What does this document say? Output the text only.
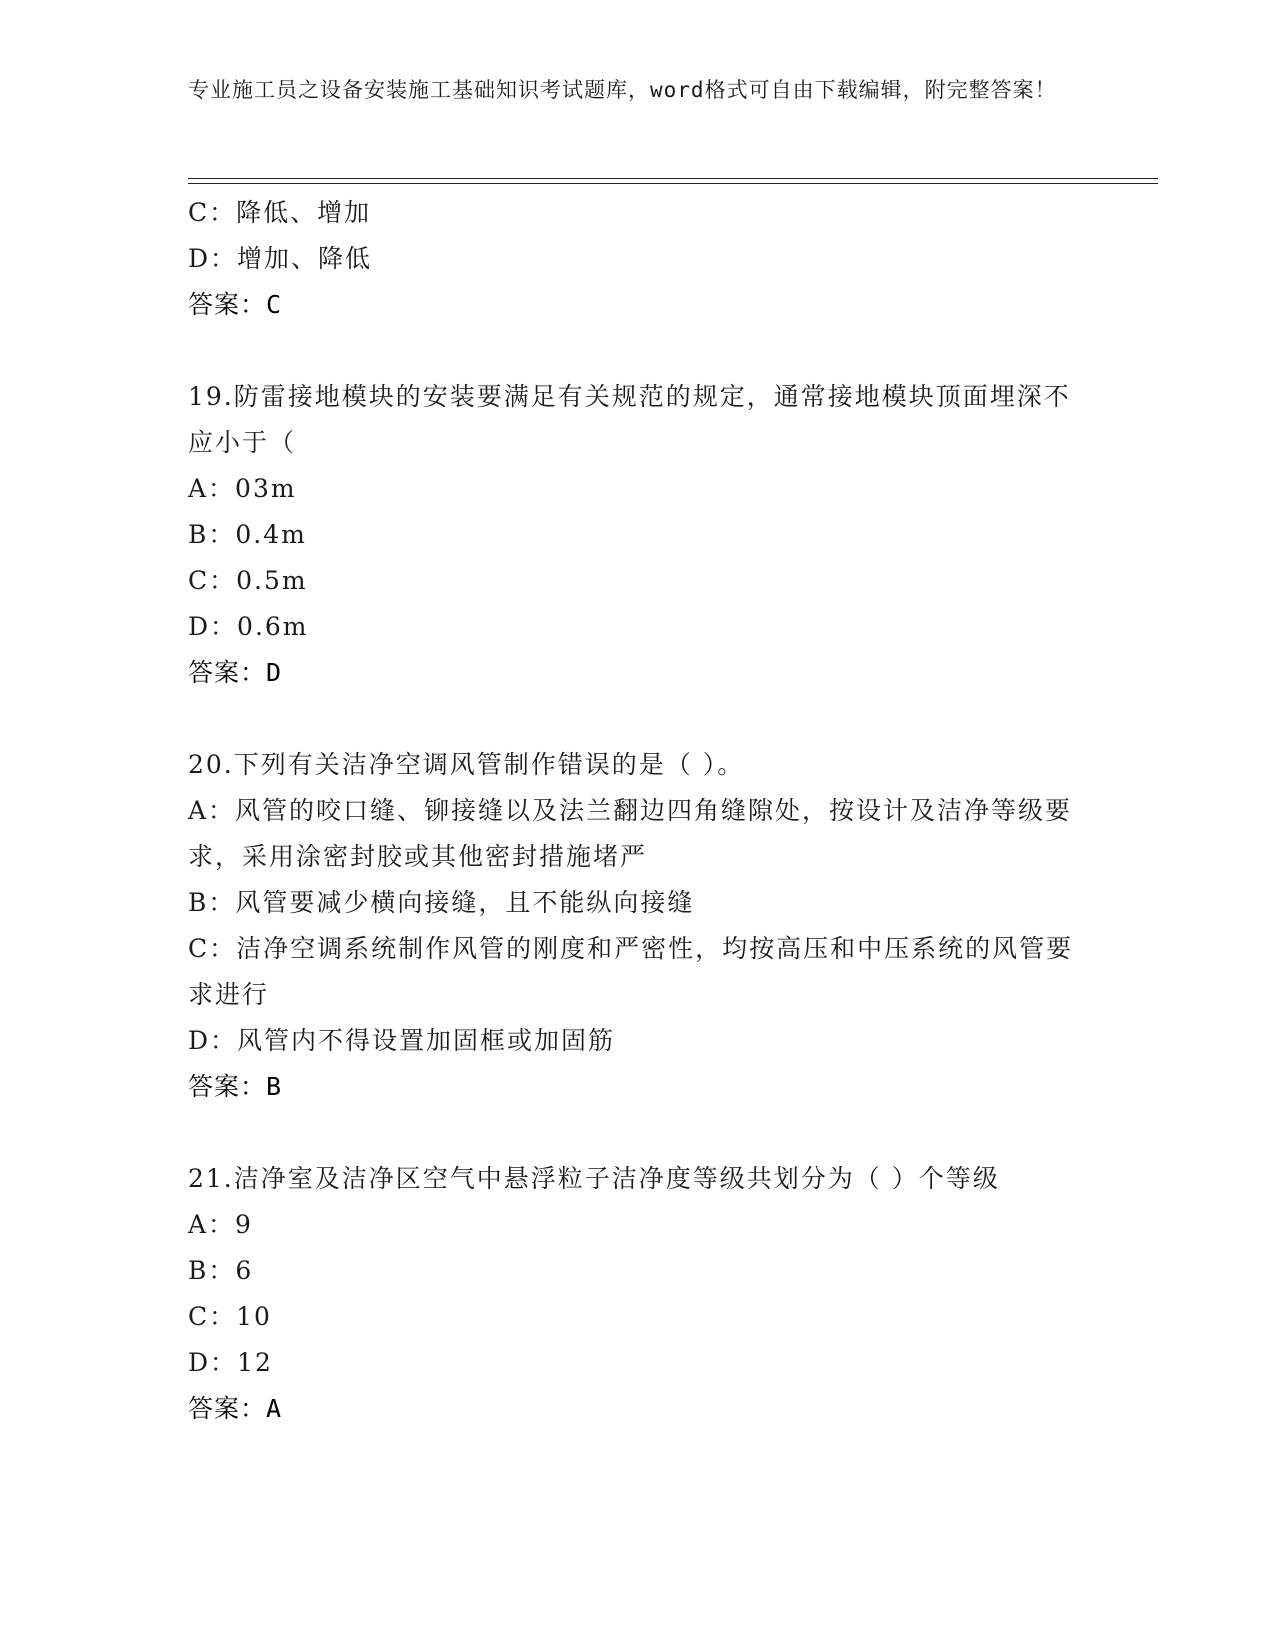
专业施工员之设备安装施工基础知识考试题库，word格式可自由下载编辑，附完整答案！
C：降低、增加
D：增加、降低
答案：C
19.防雷接地模块的安装要满足有关规范的规定，通常接地模块顶面埋深不应小于（
A：03m
B：0.4m
C：0.5m
D：0.6m
答案：D
20.下列有关洁净空调风管制作错误的是（ ）。
A：风管的咬口缝、铆接缝以及法兰翻边四角缝隙处，按设计及洁净等级要求，采用涂密封胶或其他密封措施堵严
B：风管要减少横向接缝，且不能纵向接缝
C：洁净空调系统制作风管的刚度和严密性，均按高压和中压系统的风管要求进行
D：风管内不得设置加固框或加固筋
答案：B
21.洁净室及洁净区空气中悬浮粒子洁净度等级共划分为（ ）个等级
A：9
B：6
C：10
D：12
答案：A
